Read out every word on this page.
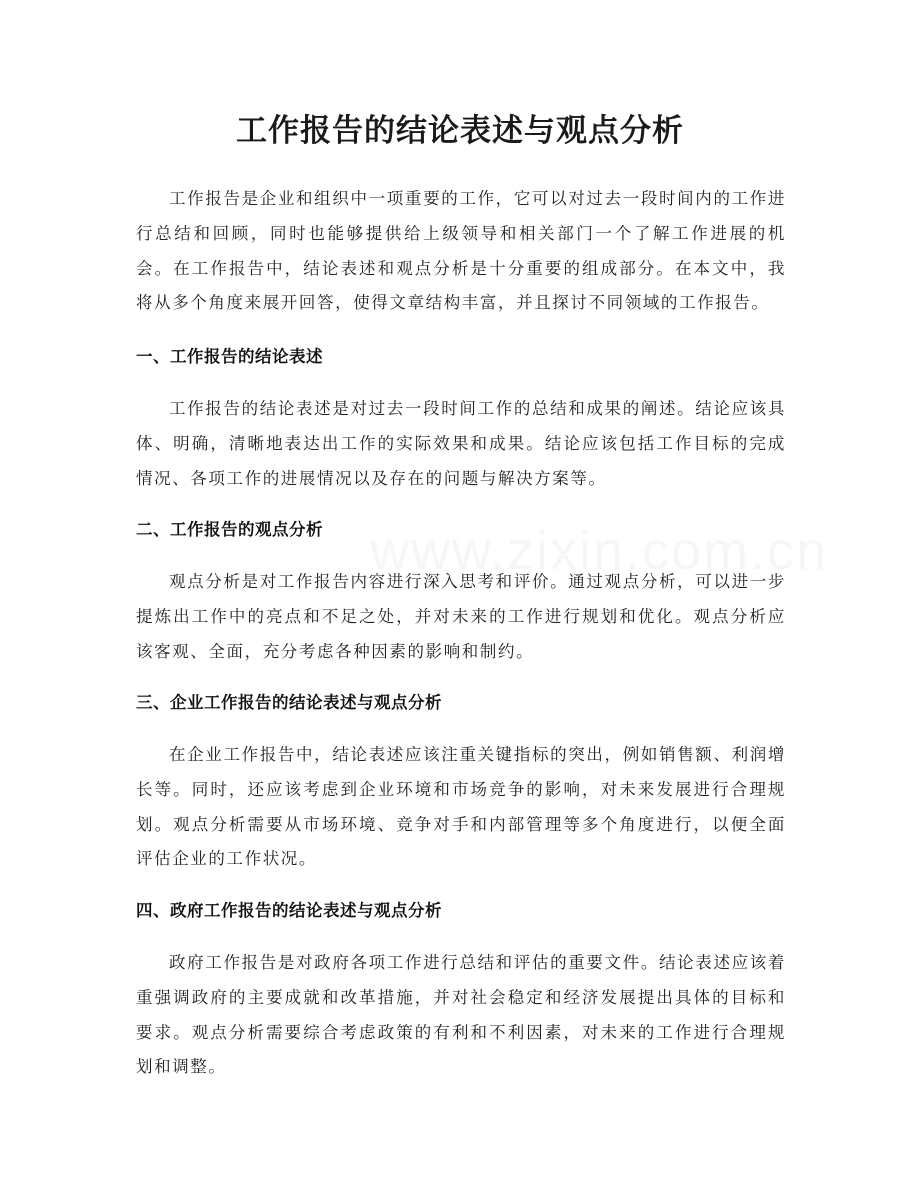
工作报告的结论表述与观点分析

工作报告是企业和组织中一项重要的工作，它可以对过去一段时间内的工作进行总结和回顾，同时也能够提供给上级领导和相关部门一个了解工作进展的机会。在工作报告中，结论表述和观点分析是十分重要的组成部分。在本文中，我将从多个角度来展开回答，使得文章结构丰富，并且探讨不同领域的工作报告。

一、工作报告的结论表述

工作报告的结论表述是对过去一段时间工作的总结和成果的阐述。结论应该具体、明确，清晰地表达出工作的实际效果和成果。结论应该包括工作目标的完成情况、各项工作的进展情况以及存在的问题与解决方案等。

二、工作报告的观点分析

观点分析是对工作报告内容进行深入思考和评价。通过观点分析，可以进一步提炼出工作中的亮点和不足之处，并对未来的工作进行规划和优化。观点分析应该客观、全面，充分考虑各种因素的影响和制约。

三、企业工作报告的结论表述与观点分析

在企业工作报告中，结论表述应该注重关键指标的突出，例如销售额、利润增长等。同时，还应该考虑到企业环境和市场竞争的影响，对未来发展进行合理规划。观点分析需要从市场环境、竞争对手和内部管理等多个角度进行，以便全面评估企业的工作状况。

四、政府工作报告的结论表述与观点分析

政府工作报告是对政府各项工作进行总结和评估的重要文件。结论表述应该着重强调政府的主要成就和改革措施，并对社会稳定和经济发展提出具体的目标和要求。观点分析需要综合考虑政策的有利和不利因素，对未来的工作进行合理规划和调整。
